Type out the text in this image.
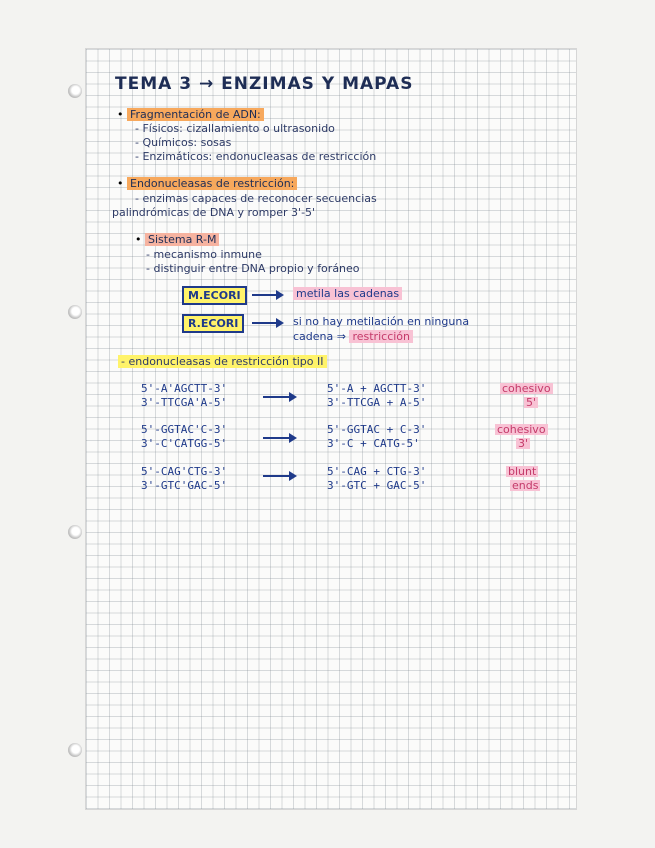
TEMA 3 → ENZIMAS Y MAPAS
• Fragmentación de ADN:
- Físicos: cizallamiento o ultrasonido
- Químicos: sosas
- Enzimáticos: endonucleasas de restricción
• Endonucleasas de restricción:
- enzimas capaces de reconocer secuencias
palindrómicas de DNA y romper 3'-5'
• Sistema R-M
- mecanismo inmune
- distinguir entre DNA propio y foráneo
M.ECORI	metila las cadenas
R.ECORI	si no hay metilación en ninguna
cadena ⇒ restricción
- endonucleasas de restricción tipo II
5'-A'AGCTT-3'
3'-TTCGA'A-5'
5'-A + AGCTT-3'
3'-TTCGA + A-5'
cohesivo
5'
5'-GGTAC'C-3'
3'-C'CATGG-5'
5'-GGTAC + C-3'
3'-C + CATG-5'
cohesivo
3'
5'-CAG'CTG-3'
3'-GTC'GAC-5'
5'-CAG + CTG-3'
3'-GTC + GAC-5'
blunt
ends
